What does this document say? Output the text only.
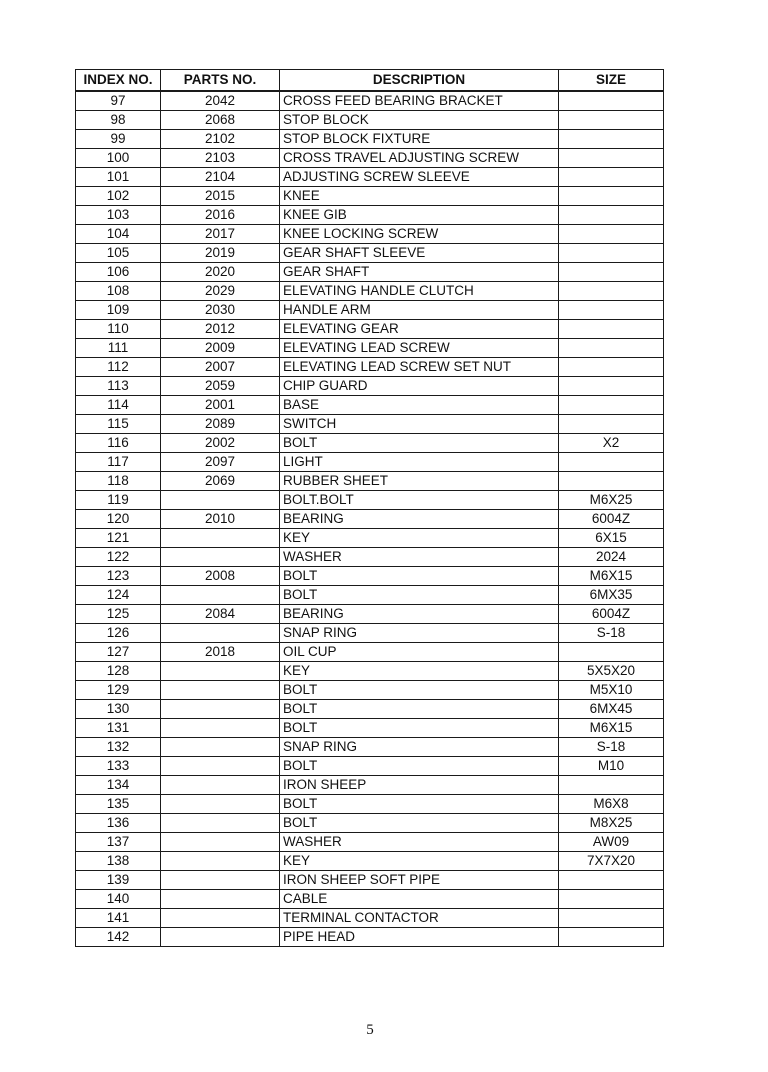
INDEX NO.	PARTS NO.	DESCRIPTION	SIZE
97	2042	CROSS FEED BEARING BRACKET	
98	2068	STOP BLOCK	
99	2102	STOP BLOCK FIXTURE	
100	2103	CROSS TRAVEL ADJUSTING SCREW	
101	2104	ADJUSTING SCREW SLEEVE	
102	2015	KNEE	
103	2016	KNEE GIB	
104	2017	KNEE LOCKING SCREW	
105	2019	GEAR SHAFT SLEEVE	
106	2020	GEAR SHAFT	
108	2029	ELEVATING HANDLE CLUTCH	
109	2030	HANDLE ARM	
110	2012	ELEVATING GEAR	
111	2009	ELEVATING LEAD SCREW	
112	2007	ELEVATING LEAD SCREW SET NUT	
113	2059	CHIP GUARD	
114	2001	BASE	
115	2089	SWITCH	
116	2002	BOLT	X2
117	2097	LIGHT	
118	2069	RUBBER SHEET	
119		BOLT.BOLT	M6X25
120	2010	BEARING	6004Z
121		KEY	6X15
122		WASHER	2024
123	2008	BOLT	M6X15
124		BOLT	6MX35
125	2084	BEARING	6004Z
126		SNAP RING	S-18
127	2018	OIL CUP	
128		KEY	5X5X20
129		BOLT	M5X10
130		BOLT	6MX45
131		BOLT	M6X15
132		SNAP RING	S-18
133		BOLT	M10
134		IRON SHEEP	
135		BOLT	M6X8
136		BOLT	M8X25
137		WASHER	AW09
138		KEY	7X7X20
139		IRON SHEEP SOFT PIPE	
140		CABLE	
141		TERMINAL CONTACTOR	
142		PIPE HEAD	
5
